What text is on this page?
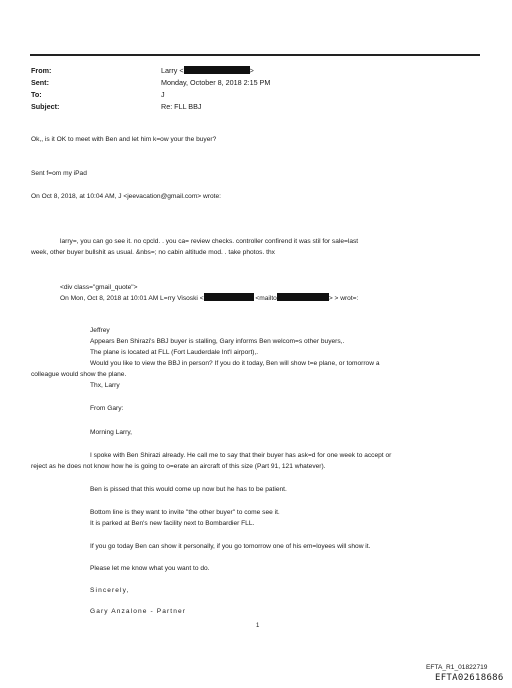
From:	Larry <	>
Sent:	Monday, October 8, 2018 2:15 PM
To:	J
Subject:	Re: FLL BBJ
Ok,, is it OK to meet with Ben and let him k=ow your the buyer?
Sent f=om my iPad
On Oct 8, 2018, at 10:04 AM, J <jeevacation@gmail.com> wrote:
larry=, you can go see it. no cpcld. . you ca= review checks. controller confirend it was stil for sale=last
week, other buyer bullshit as usual. &nbs=; no cabin altitude mod. . take photos. thx
<div class="gmail_quote">
On Mon, Oct 8, 2018 at 10:01 AM L=rry Visoski <	<mailto	> > wrot=:
Jeffrey
Appears Ben Shirazi's BBJ buyer is stalling, Gary informs Ben welcom=s other buyers,.
The plane is located at FLL (Fort Lauderdale Int'l airport),.
Would you like to view the BBJ in person? If you do it today, Ben will show t=e plane, or tomorrow a
colleague would show the plane.
Thx, Larry
From Gary:
Morning Larry,
I spoke with Ben Shirazi already. He call me to say that their buyer has ask=d for one week to accept or
reject as he does not know how he is going to o=erate an aircraft of this size (Part 91, 121 whatever).
Ben is pissed that this would come up now but he has to be patient.
Bottom line is they want to invite "the other buyer" to come see it.
It is parked at Ben's new facility next to Bombardier FLL.
If you go today Ben can show it personally, if you go tomorrow one of his em=loyees will show it.
Please let me know what you want to do.
Sincerely,
Gary Anzalone - Partner
1
EFTA_R1_01822719
EFTA02618686
